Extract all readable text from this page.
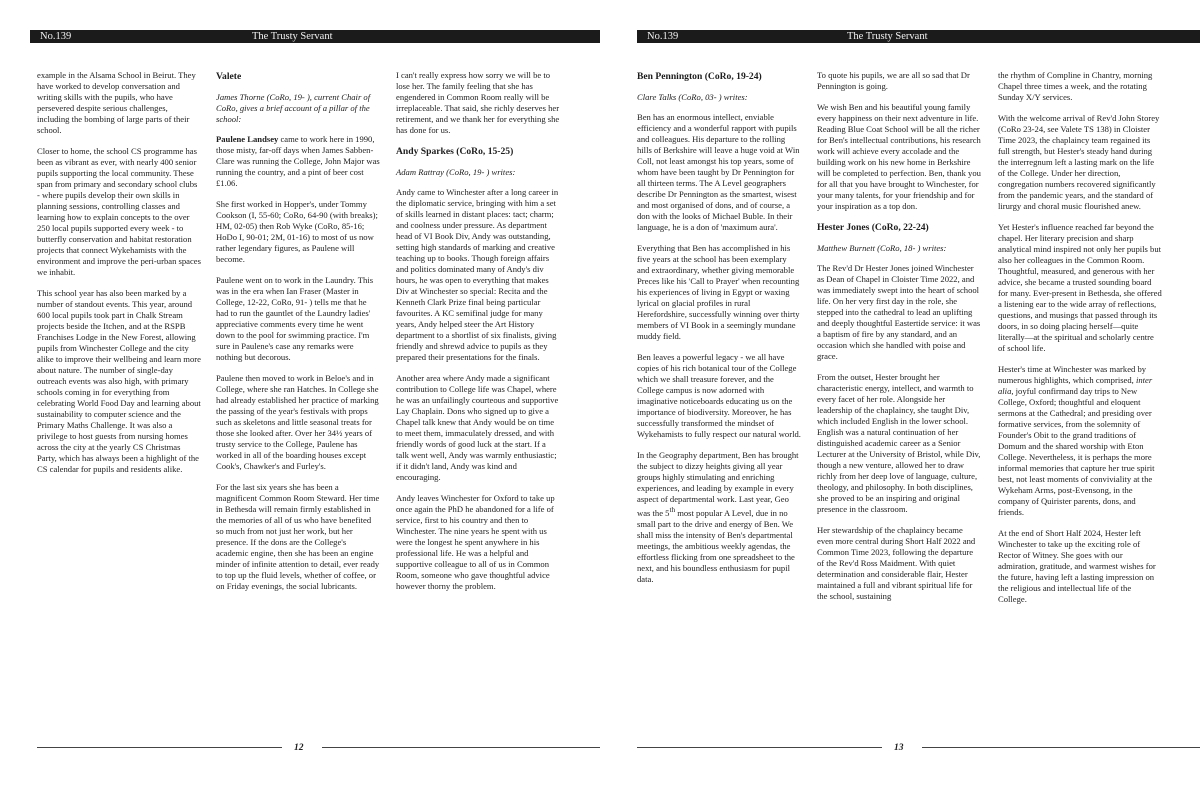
No.139	The Trusty Servant

example in the Alsama School in Beirut. They have worked to develop conversation and writing skills with the pupils, who have persevered despite serious challenges, including the bombing of large parts of their school.

Closer to home, the school CS programme has been as vibrant as ever, with nearly 400 senior pupils supporting the local community. These span from primary and secondary school clubs - where pupils develop their own skills in planning sessions, controlling classes and learning how to explain concepts to the over 250 local pupils supported every week - to butterfly conservation and habitat restoration projects that connect Wykehamists with the environment and improve the peri-urban spaces we inhabit.

This school year has also been marked by a number of standout events. This year, around 600 local pupils took part in Chalk Stream projects beside the Itchen, and at the RSPB Franchises Lodge in the New Forest, allowing pupils from Winchester College and the city alike to improve their wellbeing and learn more about nature. The number of single-day outreach events was also high, with primary schools coming in for everything from celebrating World Food Day and learning about sustainability to computer science and the Primary Maths Challenge. It was also a privilege to host guests from nursing homes across the city at the yearly CS Christmas Party, which has always been a highlight of the CS calendar for pupils and residents alike.

Valete

James Thorne (CoRo, 19- ), current Chair of CoRo, gives a brief account of a pillar of the school:

Paulene Landsey came to work here in 1990, those misty, far-off days when James Sabben-Clare was running the College, John Major was running the country, and a pint of beer cost £1.06.

She first worked in Hopper's, under Tommy Cookson (I, 55-60; CoRo, 64-90 (with breaks); HM, 02-05) then Rob Wyke (CoRo, 85-16; HoDo I, 90-01; 2M, 01-16) to most of us now rather legendary figures, as Paulene will become.

Paulene went on to work in the Laundry. This was in the era when Ian Fraser (Master in College, 12-22, CoRo, 91- ) tells me that he had to run the gauntlet of the Laundry ladies' appreciative comments every time he went down to the pool for swimming practice. I'm sure in Paulene's case any remarks were nothing but decorous.

Paulene then moved to work in Beloe's and in College, where she ran Hatches. In College she had already established her practice of marking the passing of the year's festivals with props such as skeletons and little seasonal treats for those she looked after. Over her 34½ years of trusty service to the College, Paulene has worked in all of the boarding houses except Cook's, Chawker's and Furley's.

For the last six years she has been a magnificent Common Room Steward. Her time in Bethesda will remain firmly established in the memories of all of us who have benefited so much from not just her work, but her presence. If the dons are the College's academic engine, then she has been an engine minder of infinite attention to detail, ever ready to top up the fluid levels, whether of coffee, or on Friday evenings, the social lubricants.

I can't really express how sorry we will be to lose her. The family feeling that she has engendered in Common Room really will be irreplaceable. That said, she richly deserves her retirement, and we thank her for everything she has done for us.

Andy Sparkes (CoRo, 15-25)

Adam Rattray (CoRo, 19- ) writes:

Andy came to Winchester after a long career in the diplomatic service, bringing with him a set of skills learned in distant places: tact; charm; and coolness under pressure. As department head of VI Book Div, Andy was outstanding, setting high standards of marking and creative teaching up to books. Though foreign affairs and politics dominated many of Andy's div hours, he was open to everything that makes Div at Winchester so special: Recita and the Kenneth Clark Prize final being particular favourites. A KC semifinal judge for many years, Andy helped steer the Art History department to a shortlist of six finalists, giving friendly and shrewd advice to pupils as they prepared their presentations for the finals.

Another area where Andy made a significant contribution to College life was Chapel, where he was an unfailingly courteous and supportive Lay Chaplain. Dons who signed up to give a Chapel talk knew that Andy would be on time to meet them, immaculately dressed, and with friendly words of good luck at the start. If a talk went well, Andy was warmly enthusiastic; if it didn't land, Andy was kind and encouraging.

Andy leaves Winchester for Oxford to take up once again the PhD he abandoned for a life of service, first to his country and then to Winchester. The nine years he spent with us were the longest he spent anywhere in his professional life. He was a helpful and supportive colleague to all of us in Common Room, someone who gave thoughtful advice however thorny the problem.

12
No.139	The Trusty Servant
Ben Pennington (CoRo, 19-24)

Clare Talks (CoRo, 03- ) writes:

Ben has an enormous intellect, enviable efficiency and a wonderful rapport with pupils and colleagues. His departure to the rolling hills of Berkshire will leave a huge void at Win Coll, not least amongst his top years, some of whom have been taught by Dr Pennington for all thirteen terms. The A Level geographers describe Dr Pennington as the smartest, wisest and most organised of dons, and of course, a don with the looks of Michael Buble. In their language, he is a don of 'maximum aura'.

Everything that Ben has accomplished in his five years at the school has been exemplary and extraordinary, whether giving memorable Preces like his 'Call to Prayer' when recounting his experiences of living in Egypt or waxing lyrical on glacial profiles in rural Herefordshire, successfully winning over thirty members of VI Book in a seemingly mundane muddy field.

Ben leaves a powerful legacy - we all have copies of his rich botanical tour of the College which we shall treasure forever, and the College campus is now adorned with imaginative noticeboards educating us on the importance of biodiversity. Moreover, he has successfully transformed the mindset of Wykehamists to fully respect our natural world.

In the Geography department, Ben has brought the subject to dizzy heights giving all year groups highly stimulating and enriching experiences, and leading by example in every aspect of departmental work. Last year, Geo was the 5th most popular A Level, due in no small part to the drive and energy of Ben. We shall miss the intensity of Ben's departmental meetings, the ambitious weekly agendas, the effortless flicking from one spreadsheet to the next, and his boundless enthusiasm for pupil data.

To quote his pupils, we are all so sad that Dr Pennington is going.

We wish Ben and his beautiful young family every happiness on their next adventure in life. Reading Blue Coat School will be all the richer for Ben's intellectual contributions, his research work will achieve every accolade and the building work on his new home in Berkshire will be completed to perfection. Ben, thank you for all that you have brought to Winchester, for your many talents, for your friendship and for your inspiration as a top don.

Hester Jones (CoRo, 22-24)

Matthew Burnett (CoRo, 18- ) writes:

The Rev'd Dr Hester Jones joined Winchester as Dean of Chapel in Cloister Time 2022, and was immediately swept into the heart of school life. On her very first day in the role, she stepped into the cathedral to lead an uplifting and deeply thoughtful Eastertide service: it was a baptism of fire by any standard, and an occasion which she handled with poise and grace.

From the outset, Hester brought her characteristic energy, intellect, and warmth to every facet of her role. Alongside her leadership of the chaplaincy, she taught Div, which included English in the lower school. English was a natural continuation of her distinguished academic career as a Senior Lecturer at the University of Bristol, while Div, though a new venture, allowed her to draw richly from her deep love of language, culture, theology, and philosophy. In both disciplines, she proved to be an inspiring and original presence in the classroom.

Her stewardship of the chaplaincy became even more central during Short Half 2022 and Common Time 2023, following the departure of the Rev'd Ross Maidment. With quiet determination and considerable flair, Hester maintained a full and vibrant spiritual life for the school, sustaining

the rhythm of Compline in Chantry, morning Chapel three times a week, and the rotating Sunday X/Y services.

With the welcome arrival of Rev'd John Storey (CoRo 23-24, see Valete TS 138) in Cloister Time 2023, the chaplaincy team regained its full strength, but Hester's steady hand during the interregnum left a lasting mark on the life of the College. Under her direction, congregation numbers recovered significantly from the pandemic years, and the standard of lirurgy and choral music flourished anew.

Yet Hester's influence reached far beyond the chapel. Her literary precision and sharp analytical mind inspired not only her pupils but also her colleagues in the Common Room. Thoughtful, measured, and generous with her advice, she became a trusted sounding board for many. Ever-present in Bethesda, she offered a listening ear to the wide array of reflections, questions, and musings that passed through its doors, in so doing placing herself—quite literally—at the spiritual and scholarly centre of school life.

Hester's time at Winchester was marked by numerous highlights, which comprised, inter alia, joyful confirmand day trips to New College, Oxford; thoughtful and eloquent sermons at the Cathedral; and presiding over formative services, from the solemnity of Founder's Obit to the grand traditions of Domum and the shared worship with Eton College. Nevertheless, it is perhaps the more informal memories that capture her true spirit best, not least moments of conviviality at the Wykeham Arms, post-Evensong, in the company of Quirister parents, dons, and friends.

At the end of Short Half 2024, Hester left Winchester to take up the exciting role of Rector of Witney. She goes with our admiration, gratitude, and warmest wishes for the future, having left a lasting impression on the religious and intellectual life of the College.

13
